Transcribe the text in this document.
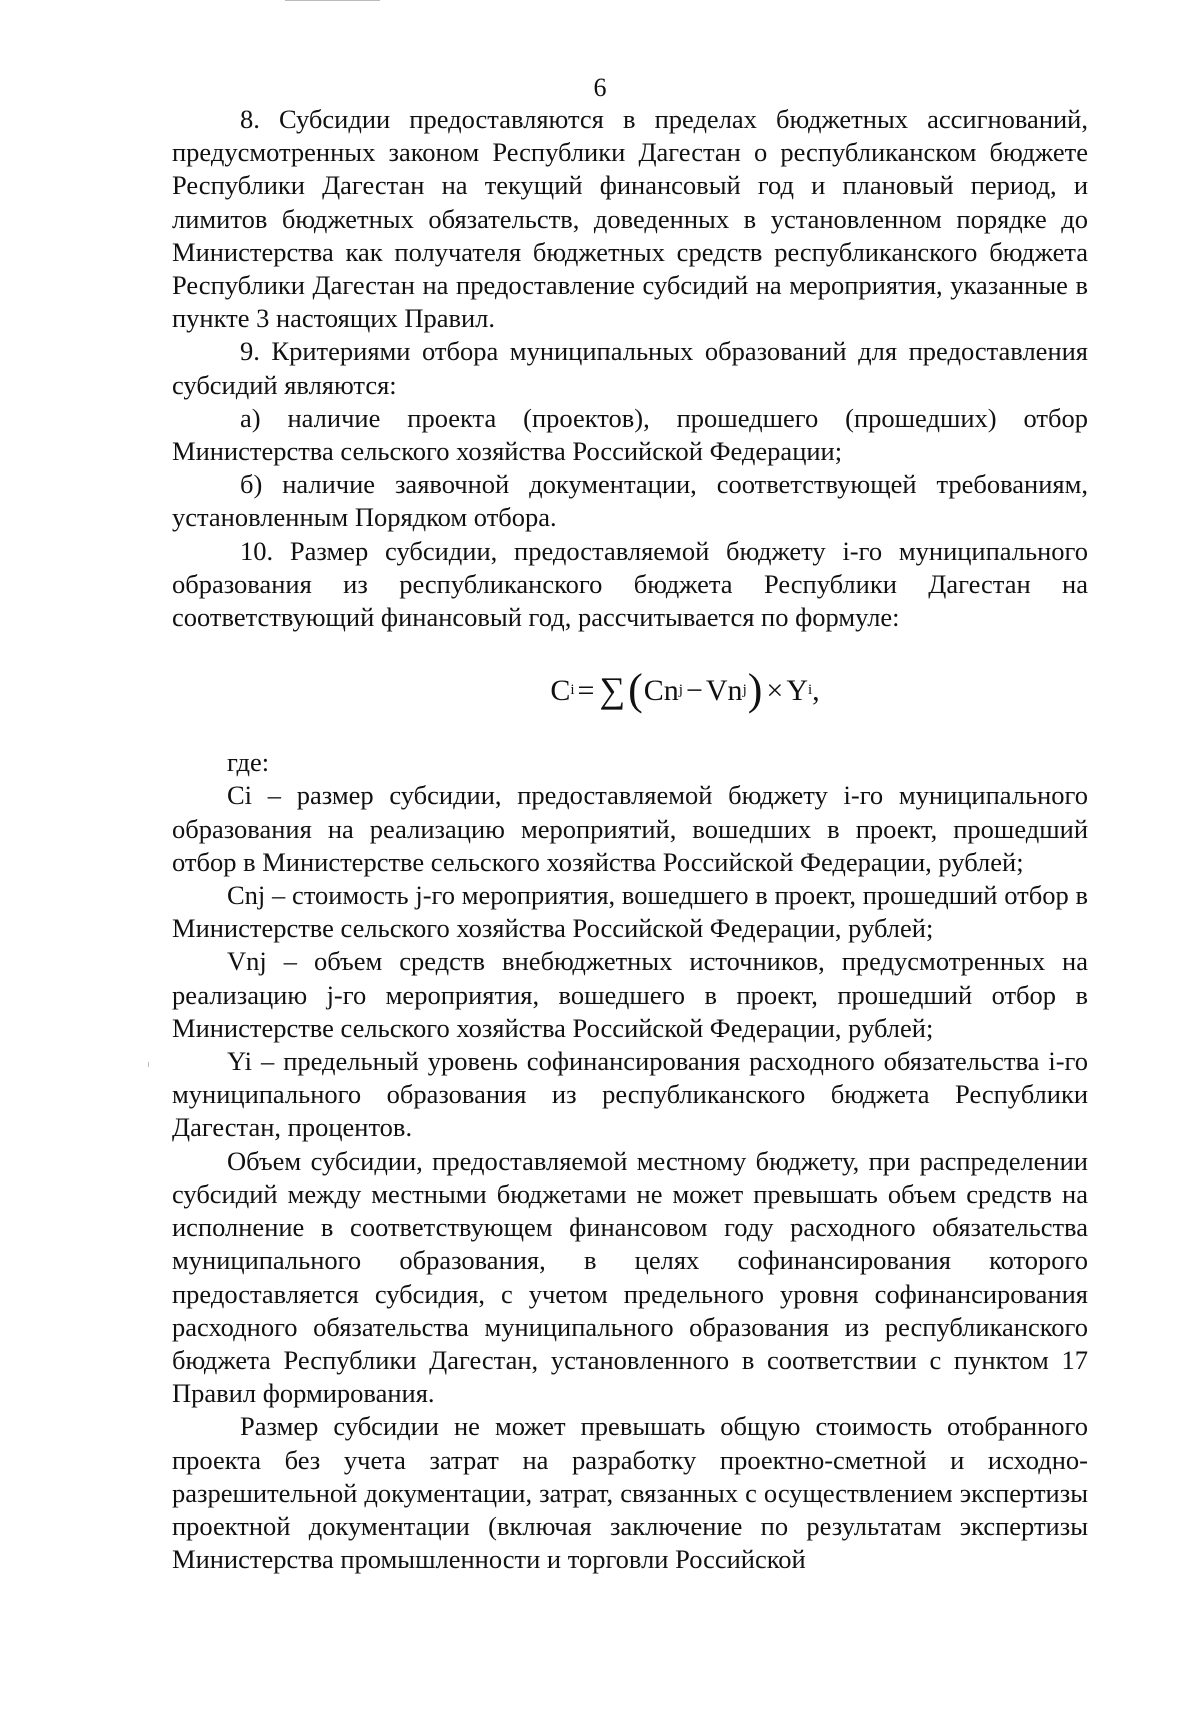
6

8. Субсидии предоставляются в пределах бюджетных ассигнований, предусмотренных законом Республики Дагестан о республиканском бюджете Республики Дагестан на текущий финансовый год и плановый период, и лимитов бюджетных обязательств, доведенных в установленном порядке до Министерства как получателя бюджетных средств республиканского бюджета Республики Дагестан на предоставление субсидий на мероприятия, указанные в пункте 3 настоящих Правил.

9. Критериями отбора муниципальных образований для предоставления субсидий являются:

а) наличие проекта (проектов), прошедшего (прошедших) отбор Министерства сельского хозяйства Российской Федерации;

б) наличие заявочной документации, соответствующей требованиям, установленным Порядком отбора.

10. Размер субсидии, предоставляемой бюджету i-го муниципального образования из республиканского бюджета Республики Дагестан на соответствующий финансовый год, рассчитывается по формуле:

C i = ∑ ( Cn j − Vn j ) × Y i ,

где:

Ci – размер субсидии, предоставляемой бюджету i-го муниципального образования на реализацию мероприятий, вошедших в проект, прошедший отбор в Министерстве сельского хозяйства Российской Федерации, рублей;

Cnj – стоимость j-го мероприятия, вошедшего в проект, прошедший отбор в Министерстве сельского хозяйства Российской Федерации, рублей;

Vnj – объем средств внебюджетных источников, предусмотренных на реализацию j-го мероприятия, вошедшего в проект, прошедший отбор в Министерстве сельского хозяйства Российской Федерации, рублей;

Yi – предельный уровень софинансирования расходного обязательства i-го муниципального образования из республиканского бюджета Республики Дагестан, процентов.

Объем субсидии, предоставляемой местному бюджету, при распределении субсидий между местными бюджетами не может превышать объем средств на исполнение в соответствующем финансовом году расходного обязательства муниципального образования, в целях софинансирования которого предоставляется субсидия, с учетом предельного уровня софинансирования расходного обязательства муниципального образования из республиканского бюджета Республики Дагестан, установленного в соответствии с пунктом 17 Правил формирования.

Размер субсидии не может превышать общую стоимость отобранного проекта без учета затрат на разработку проектно-сметной и исходно-разрешительной документации, затрат, связанных с осуществлением экспертизы проектной документации (включая заключение по результатам экспертизы Министерства промышленности и торговли Российской
